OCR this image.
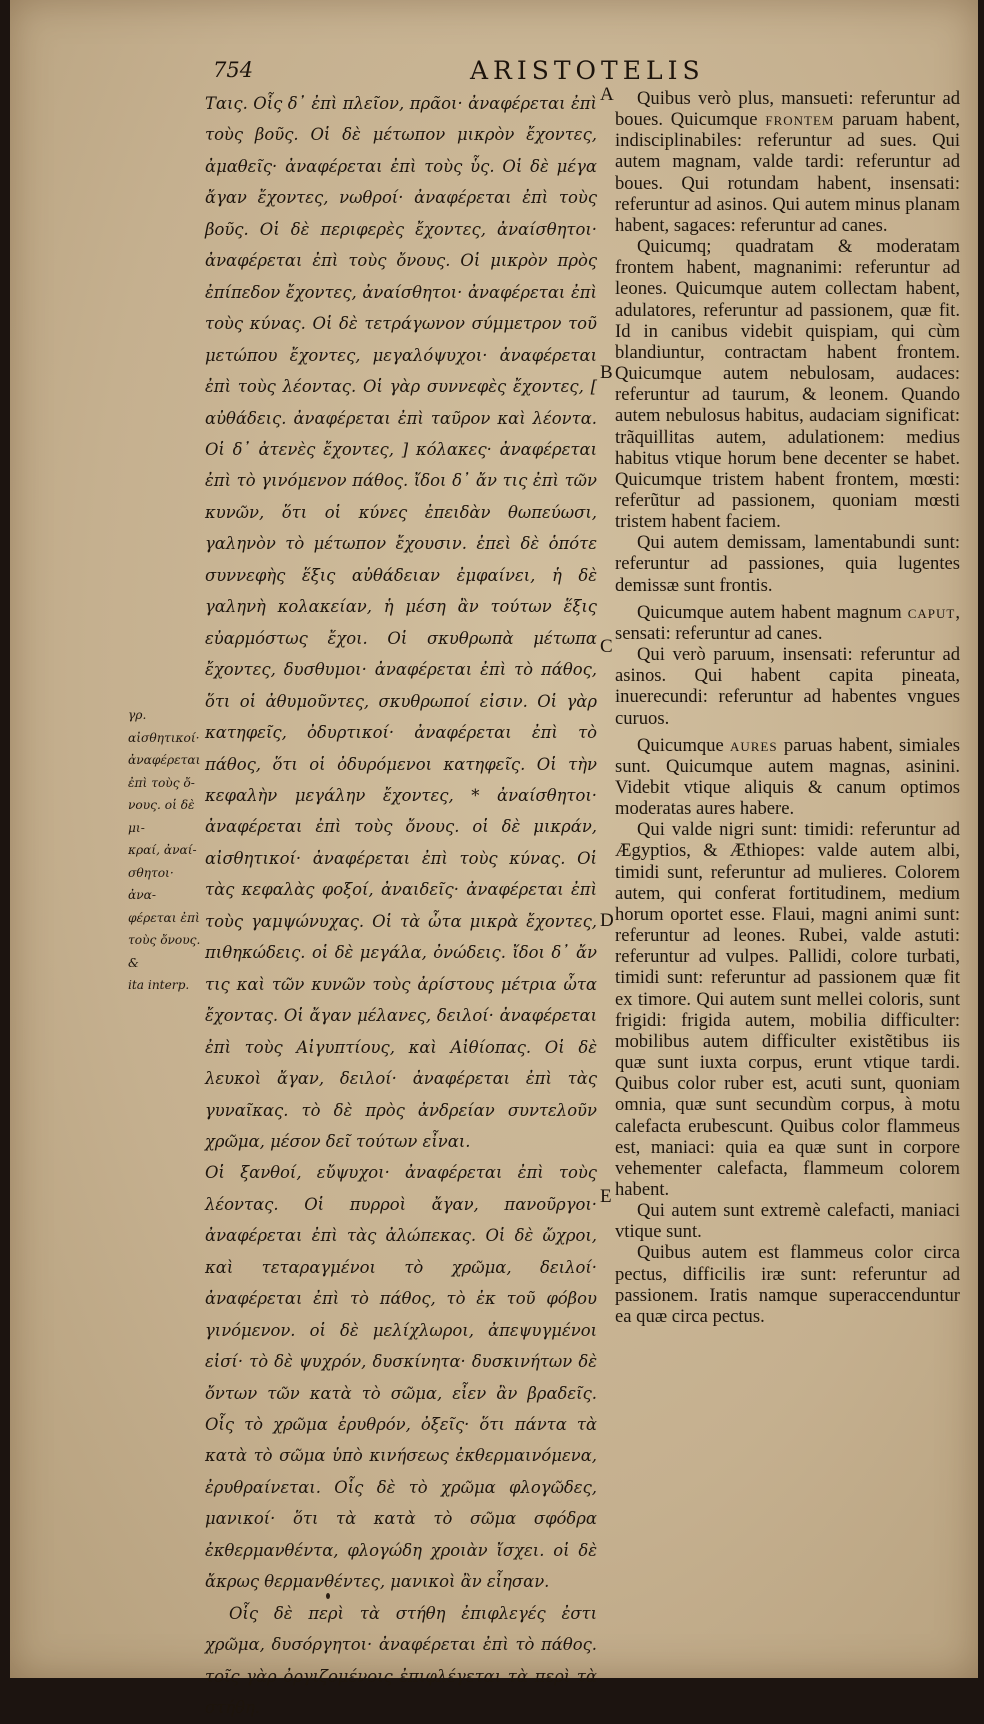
754	ARISTOTELIS
A
B
C
D
E

γρ. αἰσθητικοί·

ἀναφέρεται

ἐπὶ τοὺς ὄ-

νους. οἱ δὲ μι-

κραί, ἀναί-

σθητοι· ἀνα-

φέρεται ἐπὶ

τοὺς ὄνους. &

ita interp.

Ταις. Οἷς δ᾽ ἐπὶ πλεῖον, πρᾶοι· ἀναφέρεται ἐπὶ τοὺς βοῦς. Οἱ δὲ μέτωπον μικρὸν ἔχοντες, ἀμαθεῖς· ἀναφέρεται ἐπὶ τοὺς ὗς. Οἱ δὲ μέγα ἄγαν ἔχοντες, νωθροί· ἀναφέρεται ἐπὶ τοὺς βοῦς. Οἱ δὲ περιφερὲς ἔχοντες, ἀναίσθητοι· ἀναφέρεται ἐπὶ τοὺς ὄνους. Οἱ μικρὸν πρὸς ἐπίπεδον ἔχοντες, ἀναίσθητοι· ἀναφέρεται ἐπὶ τοὺς κύνας. Οἱ δὲ τετράγωνον σύμμετρον τοῦ μετώπου ἔχοντες, μεγαλόψυχοι· ἀναφέρεται ἐπὶ τοὺς λέοντας. Οἱ γὰρ συννεφὲς ἔχοντες, [ αὐθάδεις. ἀναφέρεται ἐπὶ ταῦρον καὶ λέοντα. Οἱ δ᾽ ἀτενὲς ἔχοντες, ] κόλακες· ἀναφέρεται ἐπὶ τὸ γινόμενον πάθος. ἴδοι δ᾽ ἄν τις ἐπὶ τῶν κυνῶν, ὅτι οἱ κύνες ἐπειδὰν θωπεύωσι, γαληνὸν τὸ μέτωπον ἔχουσιν. ἐπεὶ δὲ ὁπότε συννεφὴς ἕξις αὐθάδειαν ἐμφαίνει, ἡ δὲ γαληνὴ κολακείαν, ἡ μέση ἂν τούτων ἕξις εὐαρμόστως ἔχοι. Οἱ σκυθρωπὰ μέτωπα ἔχοντες, δυσθυμοι· ἀναφέρεται ἐπὶ τὸ πάθος, ὅτι οἱ ἀθυμοῦντες, σκυθρωποί εἰσιν. Οἱ γὰρ κατηφεῖς, ὀδυρτικοί· ἀναφέρεται ἐπὶ τὸ πάθος, ὅτι οἱ ὀδυρόμενοι κατηφεῖς. Οἱ τὴν κεφαλὴν μεγάλην ἔχοντες, * ἀναίσθητοι· ἀναφέρεται ἐπὶ τοὺς ὄνους. οἱ δὲ μικράν, αἰσθητικοί· ἀναφέρεται ἐπὶ τοὺς κύνας. Οἱ τὰς κεφαλὰς φοξοί, ἀναιδεῖς· ἀναφέρεται ἐπὶ τοὺς γαμψώνυχας. Οἱ τὰ ὦτα μικρὰ ἔχοντες, πιθηκώδεις. οἱ δὲ μεγάλα, ὀνώδεις. ἴδοι δ᾽ ἄν τις καὶ τῶν κυνῶν τοὺς ἀρίστους μέτρια ὦτα ἔχοντας. Οἱ ἄγαν μέλανες, δειλοί· ἀναφέρεται ἐπὶ τοὺς Αἰγυπτίους, καὶ Αἰθίοπας. Οἱ δὲ λευκοὶ ἄγαν, δειλοί· ἀναφέρεται ἐπὶ τὰς γυναῖκας. τὸ δὲ πρὸς ἀνδρείαν συντελοῦν χρῶμα, μέσον δεῖ τούτων εἶναι.

Οἱ ξανθοί, εὔψυχοι· ἀναφέρεται ἐπὶ τοὺς λέοντας. Οἱ πυρροὶ ἄγαν, πανοῦργοι· ἀναφέρεται ἐπὶ τὰς ἀλώπεκας. Οἱ δὲ ὤχροι, καὶ τεταραγμένοι τὸ χρῶμα, δειλοί· ἀναφέρεται ἐπὶ τὸ πάθος, τὸ ἐκ τοῦ φόβου γινόμενον. οἱ δὲ μελίχλωροι, ἀπεψυγμένοι εἰσί· τὸ δὲ ψυχρόν, δυσκίνητα· δυσκινήτων δὲ ὄντων τῶν κατὰ τὸ σῶμα, εἶεν ἂν βραδεῖς. Οἷς τὸ χρῶμα ἐρυθρόν, ὀξεῖς· ὅτι πάντα τὰ κατὰ τὸ σῶμα ὑπὸ κινήσεως ἐκθερμαινόμενα, ἐρυθραίνεται. Οἷς δὲ τὸ χρῶμα φλογῶδες, μανικοί· ὅτι τὰ κατὰ τὸ σῶμα σφόδρα ἐκθερμανθέντα, φλογώδη χροιὰν ἴσχει. οἱ δὲ ἄκρως θερμανθέντες, μανικοὶ ἂν εἶησαν.

Οἷς δὲ περὶ τὰ στήθη ἐπιφλεγές ἐστι χρῶμα, δυσόργητοι· ἀναφέρεται ἐπὶ τὸ πάθος. τοῖς γὰρ ὀργιζομένοις ἐπιφλέγεται τὰ περὶ τὰ στήθη.

Quibus verò plus, mansueti: referuntur ad boues. Quicumque frontem paruam habent, indisciplinabiles: referuntur ad sues. Qui autem magnam, valde tardi: referuntur ad boues. Qui rotundam habent, insensati: referuntur ad asinos. Qui autem minus planam habent, sagaces: referuntur ad canes.

Quicumq; quadratam & moderatam frontem habent, magnanimi: referuntur ad leones. Quicumque autem collectam habent, adulatores, referuntur ad passionem, quæ fit. Id in canibus videbit quispiam, qui cùm blandiuntur, contractam habent frontem. Quicumque autem nebulosam, audaces: referuntur ad taurum, & leonem. Quando autem nebulosus habitus, audaciam significat: trãquillitas autem, adulationem: medius habitus vtique horum bene decenter se habet. Quicumque tristem habent frontem, mœsti: referũtur ad passionem, quoniam mœsti tristem habent faciem.

Qui autem demissam, lamentabundi sunt: referuntur ad passiones, quia lugentes demissæ sunt frontis.

Quicumque autem habent magnum caput, sensati: referuntur ad canes.

Qui verò paruum, insensati: referuntur ad asinos. Qui habent capita pineata, inuerecundi: referuntur ad habentes vngues curuos.

Quicumque aures paruas habent, simiales sunt. Quicumque autem magnas, asinini. Videbit vtique aliquis & canum optimos moderatas aures habere.

Qui valde nigri sunt: timidi: referuntur ad Ægyptios, & Æthiopes: valde autem albi, timidi sunt, referuntur ad mulieres. Colorem autem, qui conferat fortitudinem, medium horum oportet esse. Flaui, magni animi sunt: referuntur ad leones. Rubei, valde astuti: referuntur ad vulpes. Pallidi, colore turbati, timidi sunt: referuntur ad passionem quæ fit ex timore. Qui autem sunt mellei coloris, sunt frigidi: frigida autem, mobilia difficulter: mobilibus autem difficulter existẽtibus iis quæ sunt iuxta corpus, erunt vtique tardi. Quibus color ruber est, acuti sunt, quoniam omnia, quæ sunt secundùm corpus, à motu calefacta erubescunt. Quibus color flammeus est, maniaci: quia ea quæ sunt in corpore vehementer calefacta, flammeum colorem habent.

Qui autem sunt extremè calefacti, maniaci vtique sunt.

Quibus autem est flammeus color circa pectus, difficilis iræ sunt: referuntur ad passionem. Iratis namque superaccenduntur ea quæ circa pectus.
